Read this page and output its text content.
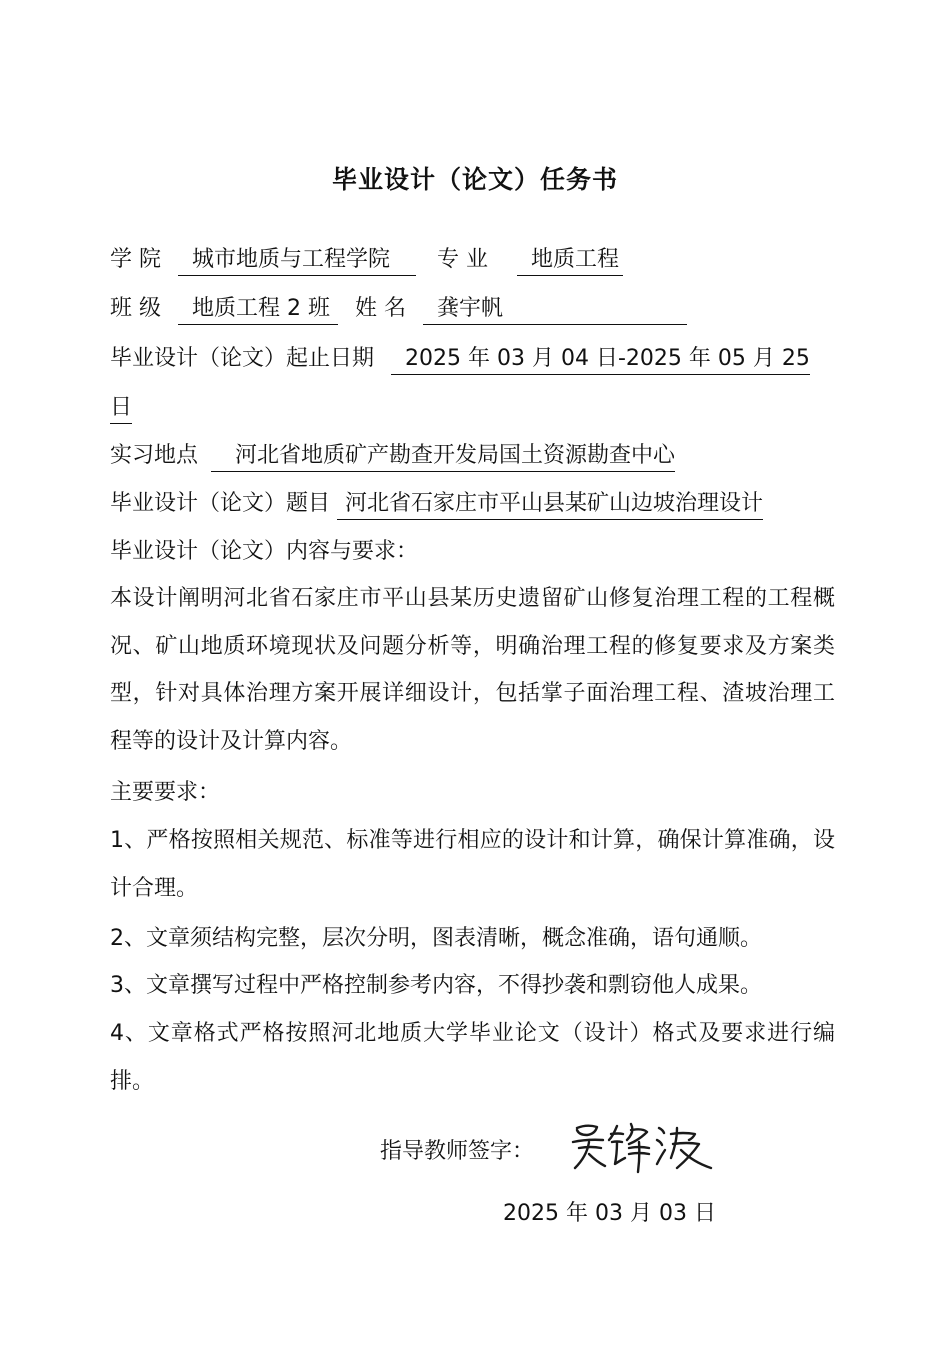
毕业设计（论文）任务书
学 院 城市地质与工程学院 专 业 地质工程
班 级 地质工程 2 班 姓 名 龚宇帆
毕业设计（论文）起止日期 2025 年 03 月 04 日-2025 年 05 月 25
日
实习地点 河北省地质矿产勘查开发局国土资源勘查中心
毕业设计（论文）题目 河北省石家庄市平山县某矿山边坡治理设计
毕业设计（论文）内容与要求：
本设计阐明河北省石家庄市平山县某历史遗留矿山修复治理工程的工程概况、矿山地质环境现状及问题分析等，明确治理工程的修复要求及方案类型，针对具体治理方案开展详细设计，包括掌子面治理工程、渣坡治理工程等的设计及计算内容。
主要要求：
1、严格按照相关规范、标准等进行相应的设计和计算，确保计算准确，设计合理。
2、文章须结构完整，层次分明，图表清晰，概念准确，语句通顺。
3、文章撰写过程中严格控制参考内容，不得抄袭和剽窃他人成果。
4、文章格式严格按照河北地质大学毕业论文（设计）格式及要求进行编排。
指导教师签字：
2025 年 03 月 03 日
